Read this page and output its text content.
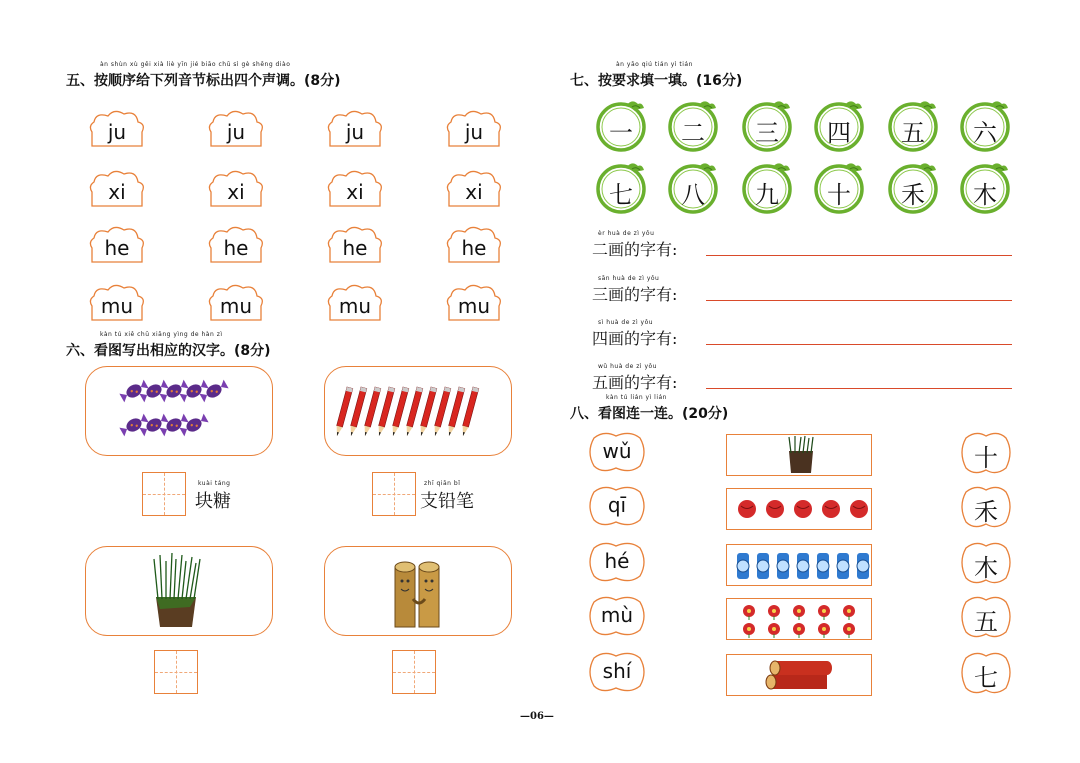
àn shùn xù gěi xià liè yīn jié biāo chū sì gè shēng diào
五、按顺序给下列音节标出四个声调。(8分)
ju	ju	ju	ju
xi	xi	xi	xi
he	he	he	he
mu	mu	mu	mu
kàn tú xiě chū xiāng yìng de hàn zì
六、看图写出相应的汉字。(8分)
kuài táng
块糖
zhī qiān bǐ
支铅笔
àn yāo qiú tián yì tián
七、按要求填一填。(16分)
一	二	三	四	五	六
七	八	九	十	禾	木
èr huà de zì yǒu
二画的字有:
sān huà de zì yǒu
三画的字有:
sì huà de zì yǒu
四画的字有:
wǔ huà de zì yǒu
五画的字有:
kàn tú lián yì lián
八、看图连一连。(20分)
wǔ	十
qī	禾
hé	木
mù	五
shí	七
—06—
